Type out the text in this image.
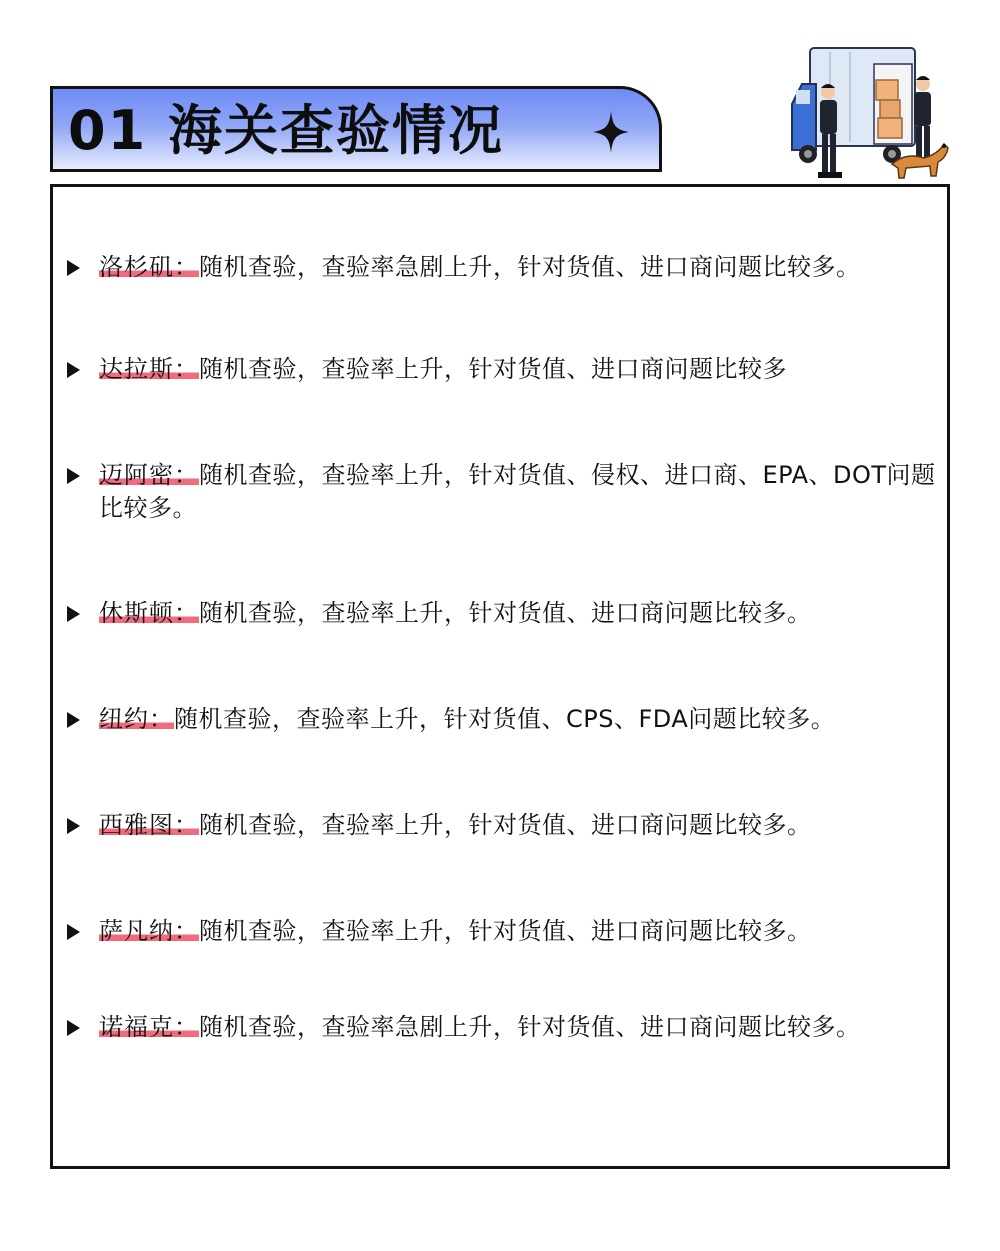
01 海关查验情况
洛杉矶：随机查验，查验率急剧上升，针对货值、进口商问题比较多。
达拉斯：随机查验，查验率上升，针对货值、进口商问题比较多
迈阿密：随机查验，查验率上升，针对货值、侵权、进口商、EPA、DOT问题比较多。
休斯顿：随机查验，查验率上升，针对货值、进口商问题比较多。
纽约：随机查验，查验率上升，针对货值、CPS、FDA问题比较多。
西雅图：随机查验，查验率上升，针对货值、进口商问题比较多。
萨凡纳：随机查验，查验率上升，针对货值、进口商问题比较多。
诺福克：随机查验，查验率急剧上升，针对货值、进口商问题比较多。
